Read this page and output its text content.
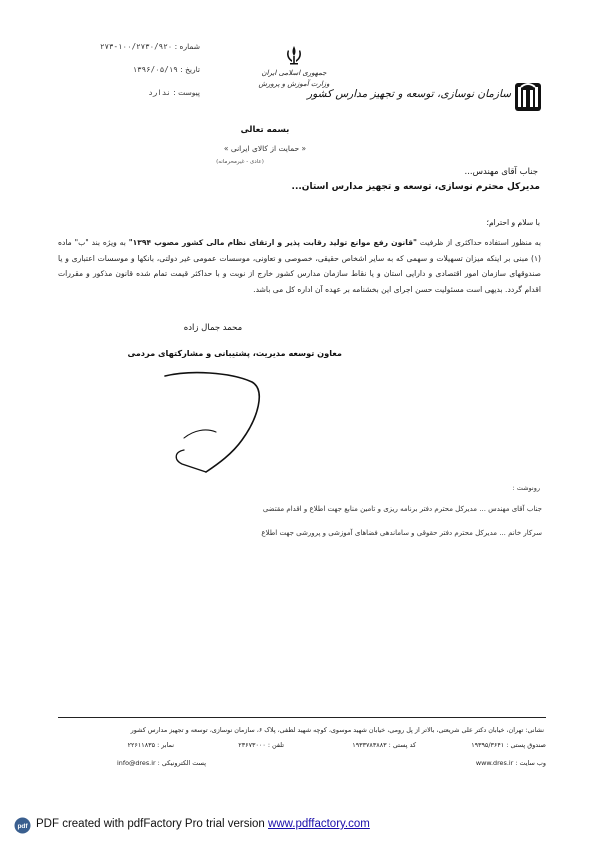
شماره : ۱۰۰/۲۷۳۰/۹۲۰-۲۷۳
تاریخ : ۱۳۹۶/۰۵/۱۹
پیوست : ندارد
جمهوری اسلامی ایران
وزارت آموزش و پرورش
سازمان نوسازی، توسعه و تجهیز مدارس کشور
بسمه تعالی
« حمایت از کالای ایرانی »
(عادی - غیرمحرمانه)
جناب آقای مهندس...
مدیرکل محترم نوسازی، توسعه و تجهیز مدارس استان...
با سلام و احترام؛
به منظور استفاده حداکثری از ظرفیت "قانون رفع موانع تولید رقابت پذیر و ارتقای نظام مالی کشور مصوب ۱۳۹۴" به ویژه بند "ب" ماده (۱) مبنی بر اینکه میزان تسهیلات و سهمی که به سایر اشخاص حقیقی، خصوصی و تعاونی، موسسات عمومی غیر دولتی، بانکها و موسسات اعتباری و یا صندوقهای سازمان امور اقتصادی و دارایی استان و یا نقاط سازمان مدارس کشور خارج از نوبت و با حداکثر قیمت تمام شده قانون مذکور و مقررات اقدام گردد. بدیهی است مسئولیت حسن اجرای این بخشنامه بر عهده آن اداره کل می باشد.
محمد جمال زاده
معاون توسعه مدیریت، پشتیبانی و مشارکتهای مردمی
رونوشت :
جناب آقای مهندس ... مدیرکل محترم دفتر برنامه ریزی و تامین منابع جهت اطلاع و اقدام مقتضی
سرکار خانم ... مدیرکل محترم دفتر حقوقی و ساماندهی فضاهای آموزشی و پرورشی جهت اطلاع
نشانی: تهران، خیابان دکتر علی شریعتی، بالاتر از پل رومی، خیابان شهید موسوی، کوچه شهید لطفی، پلاک ۶، سازمان نوسازی، توسعه و تجهیز مدارس کشور
صندوق پستی : ۱۹۳۹۵/۳۶۴۱
کد پستی : ۱۹۳۳۷۸۳۸۸۳
تلفن : ۲۳۶۷۳۰۰۰
نمابر : ۲۲۶۱۱۸۳۵
وب سایت : www.dres.ir
پست الکترونیکی : info@dres.ir
pdf PDF created with pdfFactory Pro trial version www.pdffactory.com
